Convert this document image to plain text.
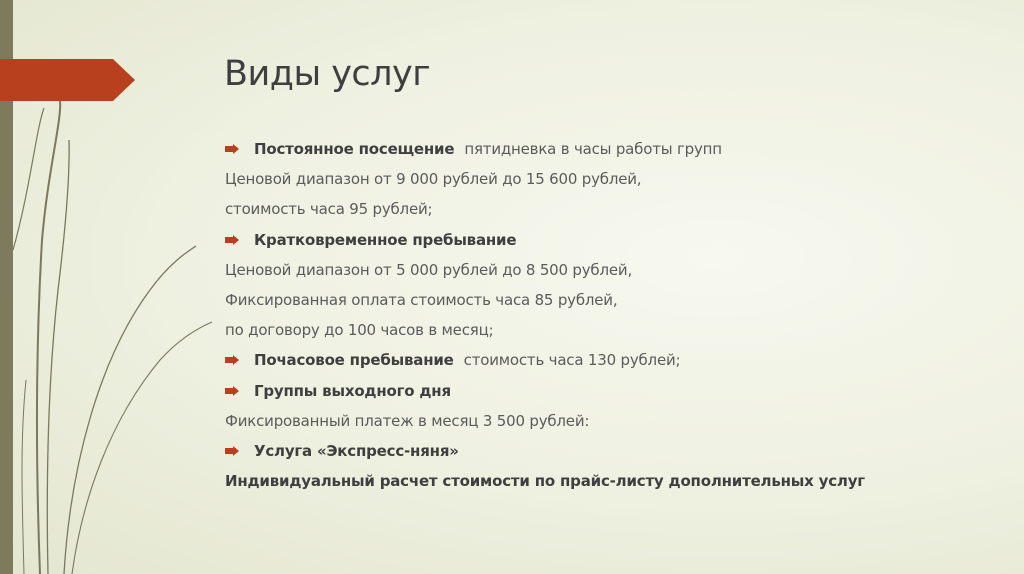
Виды услуг
Постоянное посещение пятидневка в часы работы групп
Ценовой диапазон от 9 000 рублей до 15 600 рублей,
стоимость часа 95 рублей;
Кратковременное пребывание
Ценовой диапазон от 5 000 рублей до 8 500 рублей,
Фиксированная оплата стоимость часа 85 рублей,
по договору до 100 часов в месяц;
Почасовое пребывание стоимость часа 130 рублей;
Группы выходного дня
Фиксированный платеж в месяц 3 500 рублей:
Услуга «Экспресс-няня»
Индивидуальный расчет стоимости по прайс-листу дополнительных услуг
